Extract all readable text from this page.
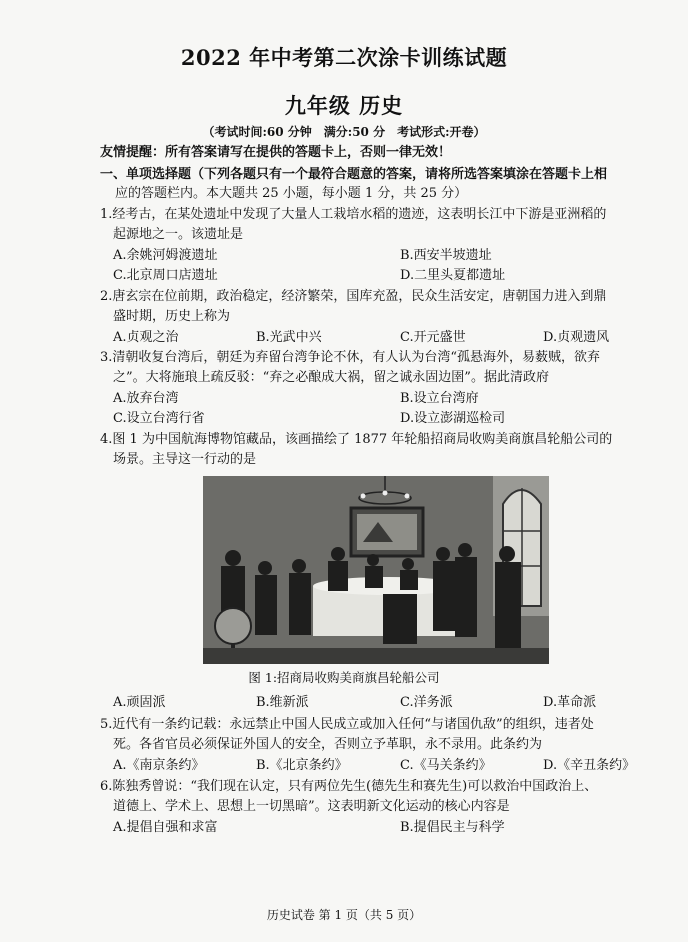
2022 年中考第二次涂卡训练试题
九年级 历史
（考试时间:60 分钟　满分:50 分　考试形式:开卷）
友情提醒：所有答案请写在提供的答题卡上，否则一律无效！
一、单项选择题（下列各题只有一个最符合题意的答案，请将所选答案填涂在答题卡上相
应的答题栏内。本大题共 25 小题，每小题 1 分，共 25 分）
1.经考古，在某处遗址中发现了大量人工栽培水稻的遗迹，这表明长江中下游是亚洲稻的
起源地之一。该遗址是
A.余姚河姆渡遗址	B.西安半坡遗址
C.北京周口店遗址	D.二里头夏都遗址
2.唐玄宗在位前期，政治稳定，经济繁荣，国库充盈，民众生活安定，唐朝国力进入到鼎
盛时期，历史上称为
A.贞观之治	B.光武中兴	C.开元盛世	D.贞观遗风
3.清朝收复台湾后，朝廷为弃留台湾争论不休，有人认为台湾“孤悬海外，易薮贼，欲弃
之”。大将施琅上疏反驳：“弃之必酿成大祸，留之诚永固边圉”。据此清政府
A.放弃台湾	B.设立台湾府
C.设立台湾行省	D.设立澎湖巡检司
4.图 1 为中国航海博物馆藏品，该画描绘了 1877 年轮船招商局收购美商旗昌轮船公司的
场景。主导这一行动的是
图 1:招商局收购美商旗昌轮船公司
A.顽固派	B.维新派	C.洋务派	D.革命派
5.近代有一条约记载：永远禁止中国人民成立或加入任何“与诸国仇敌”的组织，违者处
死。各省官员必须保证外国人的安全，否则立予革职，永不录用。此条约为
A.《南京条约》	B.《北京条约》	C.《马关条约》	D.《辛丑条约》
6.陈独秀曾说：“我们现在认定，只有两位先生(德先生和赛先生)可以救治中国政治上、
道德上、学术上、思想上一切黑暗”。这表明新文化运动的核心内容是
A.提倡自强和求富	B.提倡民主与科学
历史试卷 第 1 页（共 5 页）
